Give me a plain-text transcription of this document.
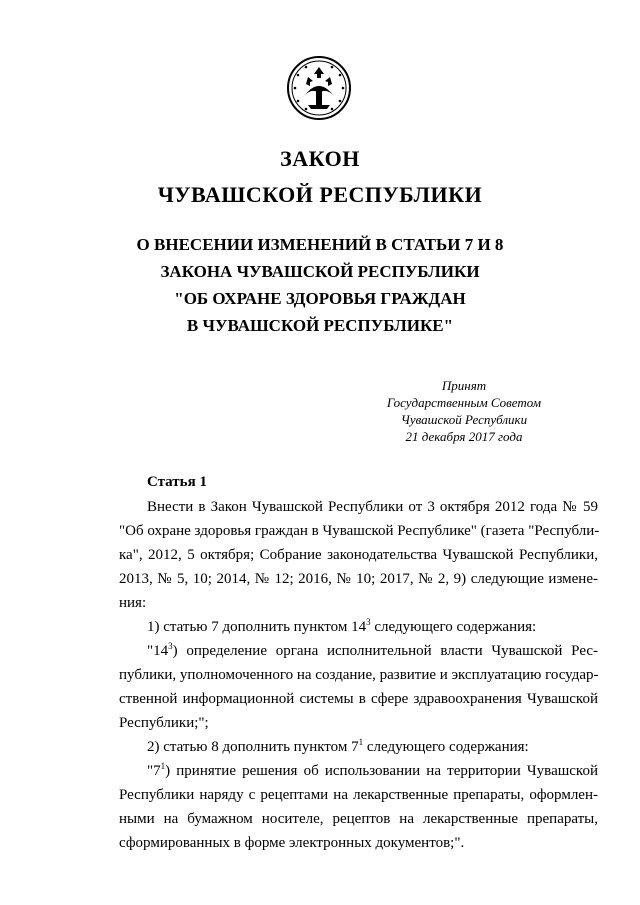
ЗАКОН
ЧУВАШСКОЙ РЕСПУБЛИКИ
О ВНЕСЕНИИ ИЗМЕНЕНИЙ В СТАТЬИ 7 И 8
ЗАКОНА ЧУВАШСКОЙ РЕСПУБЛИКИ
"ОБ ОХРАНЕ ЗДОРОВЬЯ ГРАЖДАН
В ЧУВАШСКОЙ РЕСПУБЛИКЕ"
Принят
Государственным Советом
Чувашской Республики
21 декабря 2017 года
Статья 1
Внести в Закон Чувашской Республики от 3 октября 2012 года № 59
"Об охране здоровья граждан в Чувашской Республике" (газета "Республи-
ка", 2012, 5 октября; Собрание законодательства Чувашской Республики,
2013, № 5, 10; 2014, № 12; 2016, № 10; 2017, № 2, 9) следующие измене-
ния:
1) статью 7 дополнить пунктом $14^3$ следующего содержания:
"$14^3$) определение органа исполнительной власти Чувашской Рес-
публики, уполномоченного на создание, развитие и эксплуатацию государ-
ственной информационной системы в сфере здравоохранения Чувашской
Республики;";
2) статью 8 дополнить пунктом $7^1$ следующего содержания:
"$7^1$) принятие решения об использовании на территории Чувашской
Республики наряду с рецептами на лекарственные препараты, оформлен-
ными на бумажном носителе, рецептов на лекарственные препараты,
сформированных в форме электронных документов;".
